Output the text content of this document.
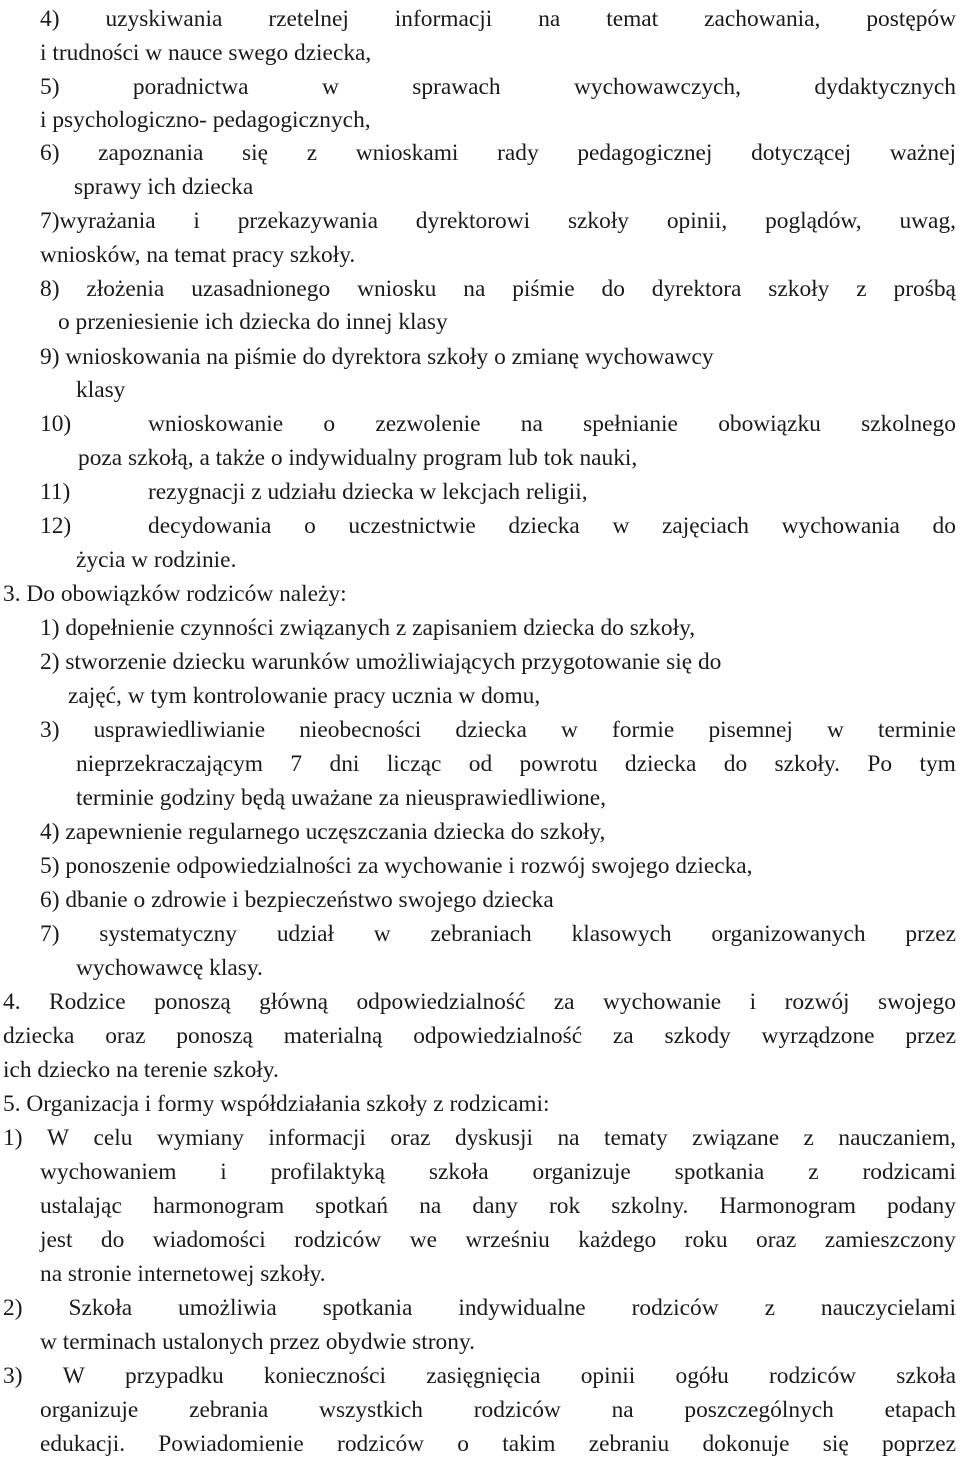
4) uzyskiwania rzetelnej informacji na temat zachowania, postępów

i trudności w nauce swego dziecka,

5)	poradnictwa	w	sprawach	wychowawczych,	dydaktycznych

i psychologiczno- pedagogicznych,

6) zapoznania się z wnioskami rady pedagogicznej dotyczącej ważnej

sprawy ich dziecka

7)wyrażania i przekazywania dyrektorowi szkoły opinii, poglądów, uwag,

wniosków, na temat pracy szkoły.

8) złożenia uzasadnionego wniosku na piśmie do dyrektora szkoły z prośbą

o przeniesienie ich dziecka do innej klasy

9) wnioskowania na piśmie do dyrektora szkoły o zmianę wychowawcy

klasy

10)	wnioskowanie o zezwolenie na spełnianie obowiązku szkolnego

poza szkołą, a także o indywidualny program lub tok nauki,

11)	rezygnacji z udziału dziecka w lekcjach religii,
12)	decydowania o uczestnictwie dziecka w zajęciach wychowania do

życia w rodzinie.

3. Do obowiązków rodziców należy:

1) dopełnienie czynności związanych z zapisaniem dziecka do szkoły,

2) stworzenie dziecku warunków umożliwiających przygotowanie się do

zajęć, w tym kontrolowanie pracy ucznia w domu,

3) usprawiedliwianie nieobecności dziecka w formie pisemnej w terminie

nieprzekraczającym 7 dni licząc od powrotu dziecka do szkoły. Po tym

terminie godziny będą uważane za nieusprawiedliwione,

4) zapewnienie regularnego uczęszczania dziecka do szkoły,

5) ponoszenie odpowiedzialności za wychowanie i rozwój swojego dziecka,

6) dbanie o zdrowie i bezpieczeństwo swojego dziecka

7) systematyczny udział w zebraniach klasowych organizowanych przez

wychowawcę klasy.

4. Rodzice ponoszą główną odpowiedzialność za wychowanie i rozwój swojego

dziecka oraz ponoszą materialną odpowiedzialność za szkody wyrządzone przez

ich dziecko na terenie szkoły.

5. Organizacja i formy współdziałania szkoły z rodzicami:

1) W celu wymiany informacji oraz dyskusji na tematy związane z nauczaniem,

wychowaniem i profilaktyką szkoła organizuje spotkania z rodzicami

ustalając harmonogram spotkań na dany rok szkolny. Harmonogram podany

jest do wiadomości rodziców we wrześniu każdego roku oraz zamieszczony

na stronie internetowej szkoły.

2) Szkoła umożliwia spotkania indywidualne rodziców z nauczycielami

w terminach ustalonych przez obydwie strony.

3) W przypadku konieczności zasięgnięcia opinii ogółu rodziców szkoła

organizuje zebrania wszystkich rodziców na poszczególnych etapach

edukacji. Powiadomienie rodziców o takim zebraniu dokonuje się poprzez
